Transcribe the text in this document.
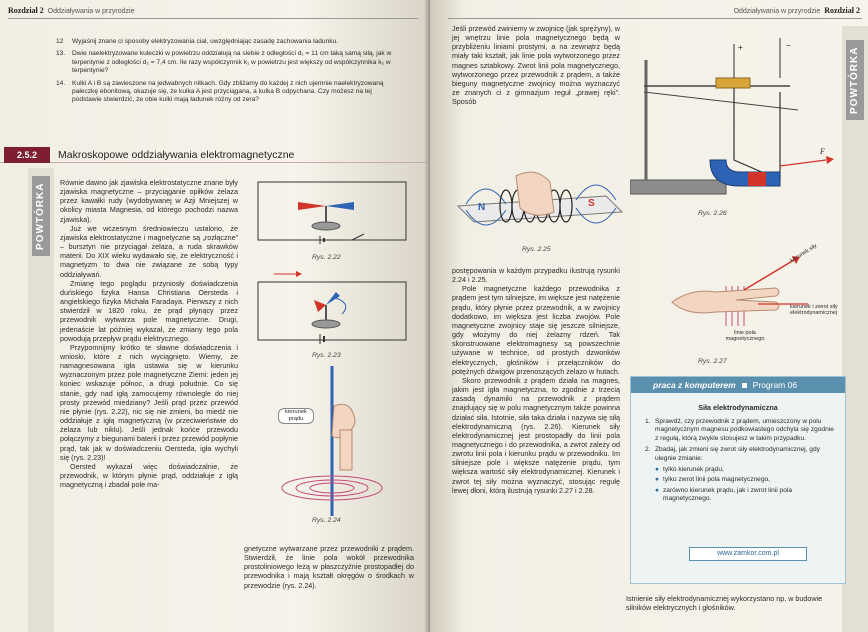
Rozdział 2 Oddziaływania w przyrodzie
12	Wyjaśnij znane ci sposoby elektryzowania ciał, uwzględniając zasadę zachowania ładunku.
13.	Dwie naelektryzowane kuleczki w powietrzu oddziałują na siebie z odległości d₁ = 11 cm taką samą siłą, jak w terpentynie z odległości d₂ = 7,4 cm. Ile razy współczynnik k₁ w powietrzu jest większy od współczynnika k₂ w terpentynie?
14.	Kulki A i B są zawieszone na jedwabnych nitkach. Gdy zbliżamy do każdej z nich ujemnie naelektryzowaną pałeczkę ebonitową, okazuje się, że kulka A jest przyciągana, a kulka B odpychana. Czy możesz na tej podstawie stwierdzić, że obie kulki mają ładunek różny od zera?
2.5.2	Makroskopowe oddziaływania elektromagnetyczne
POWTÓRKA	Równie dawno jak zjawiska elektrostatyczne znane były zjawiska magnetyczne – przyciąganie opiłków żelaza przez kawałki rudy (wydobywanej w Azji Mniejszej w okolicy miasta Magnesia, od którego pochodzi nazwa zjawiska).

Już we wczesnym średniowieczu ustalono, że zjawiska elektrostatyczne i magnetyczne są „rozłączne” – bursztyn nie przyciągał żelaza, a ruda skrawków materii. Do XIX wieku wydawało się, że elektryczność i magnetyzm to dwa nie związane ze sobą typy oddziaływań.

Zmianę tego poglądu przyniosły doświadczenia duńskiego fizyka Hansa Christiana Oersteda i angielskiego fizyka Michała Faradaya. Pierwszy z nich stwierdził w 1820 roku, że prąd płynący przez przewodnik wytwarza pole magnetyczne. Drugi, jedenaście lat później wykazał, że zmiany tego pola powodują przepływ prądu elektrycznego.

Przypomnijmy krótko te sławne doświadczenia i wnioski, które z nich wyciągnięto. Wiemy, że namagnesowana igła ustawia się w kierunku wyznaczonym przez pole magnetyczne Ziemi: jeden jej koniec wskazuje północ, a drugi południe. Co się stanie, gdy nad igłą zamocujemy równolegle do niej prosty przewód miedziany? Jeśli prąd przez przewód nie płynie (rys. 2.22), nic się nie zmieni, bo miedź nie oddziałuje z igłą magnetyczną (w przeciwieństwie do żelaza lub niklu). Jeśli jednak końce przewodu połączymy z biegunami baterii i przez przewód popłynie prąd, tak jak w doświadczeniu Oersteda, igła wychyli się (rys. 2.23)!

Oersted wykazał więc doświadczalnie, że przewodnik, w którym płynie prąd, oddziałuje z igłą magnetyczną i zbadał pole ma-

Rys. 2.22
Rys. 2.23
kierunek prądu
Rys. 2.24
gnetyczne wytwarzane przez przewodniki z prądem. Stwierdził, że linie pola wokół przewodnika prostoliniowego leżą w płaszczyźnie prostopadłej do przewodnika i mają kształt okręgów o środkach w przewodzie (rys. 2.24).
Oddziaływania w przyrodzie Rozdział 2
POWTÓRKA
Jeśli przewód zwiniemy w zwojnicę (jak sprężyny), w jej wnętrzu linie pola magnetycznego będą w przybliżeniu liniami prostymi, a na zewnątrz będą miały taki kształt, jak linie pola wytworzonego przez magnes sztabkowy. Zwrot linii pola magnetycznego, wytworzonego przez przewodnik z prądem, a także bieguny magnetyczne zwojnicy można wyznaczyć ze znanych ci z gimnazjum reguł „prawej ręki”. Sposób
N	S
Rys. 2.25

postępowania w każdym przypadku ilustrują rysunki 2.24 i 2.25.

Pole magnetyczne każdego przewodnika z prądem jest tym silniejsze, im większe jest natężenie prądu, który płynie przez przewodnik, a w zwojnicy dodatkowo, im większa jest liczba zwojów. Pole magnetyczne zwojnicy staje się jeszcze silniejsze, gdy włożymy do niej żelazny rdzeń. Tak skonstruowane elektromagnesy są powszechnie używane w technice, od prostych dzwonków elektrycznych, głośników i przełączników do potężnych dźwigów przenoszących żelazo w hutach.

Skoro przewodnik z prądem działa na magnes, jakim jest igła magnetyczna, to zgodnie z trzecią zasadą dynamiki na przewodnik z prądem znajdujący się w polu magnetycznym także powinna działać siła. Istotnie, siła taka działa i nazywa się siłą elektrodynamiczną (rys. 2.26). Kierunek siły elektrodynamicznej jest prostopadły do linii pola magnetycznego i do przewodnika, a zwrot zależy od zwrotu linii pola i kierunku prądu w przewodniku. Im silniejsze pole i większe natężenie prądu, tym większa wartość siły elektrodynamicznej. Kierunek i zwrot tej siły można wyznaczyć, stosując regułę lewej dłoni, którą ilustrują rysunki 2.27 i 2.28.

+	−
F
Rys. 2.26
kierunek siły
kierunek i zwrot siły elektrodynamicznej
linie pola magnetycznego
Rys. 2.27
praca z komputerem Program 06
Siła elektrodynamiczna
1. Sprawdź, czy przewodnik z prądem, umieszczony w polu magnetycznym magnesu podkowiastego odchyla się zgodnie z regułą, którą zwykle stosujesz w takim przypadku.
2. Zbadaj, jak zmieni się zwrot siły elektrodynamicznej, gdy ulegnie zmianie:
● tylko kierunek prądu,
● tylko zwrot linii pola magnetycznego,
● zarówno kierunek prądu, jak i zwrot linii pola magnetycznego.
www.zamkor.com.pl
Istnienie siły elektrodynamicznej wykorzystano np. w budowie silników elektrycznych i głośników.
